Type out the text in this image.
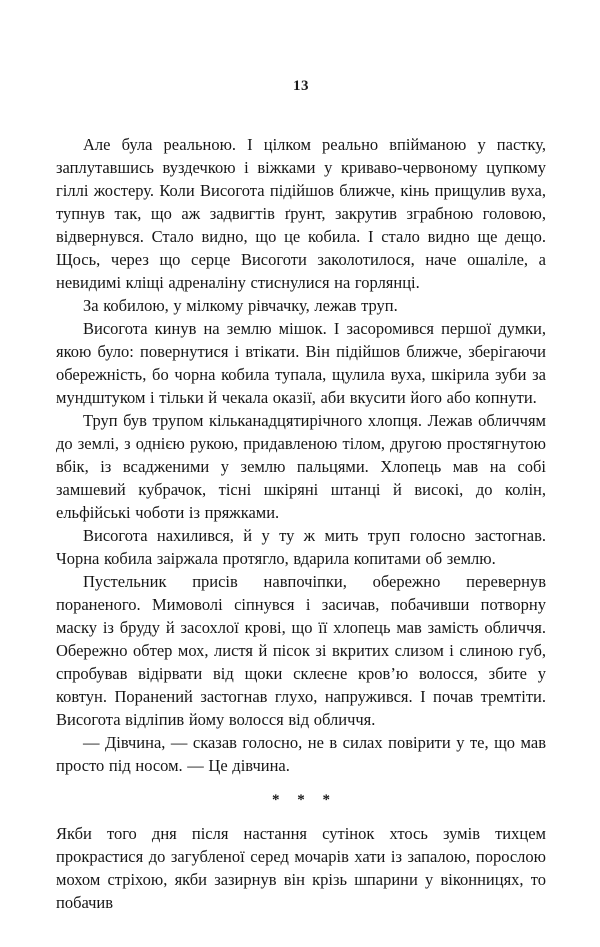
13

Але була реальною. І цілком реально впійманою у пастку, заплутавшись вуздечкою і віжками у криваво-червоному цупкому гіллі жостеру. Коли Висогота підійшов ближче, кінь прищулив вуха, тупнув так, що аж задвигтів ґрунт, закрутив зграбною головою, відвернувся. Стало видно, що це кобила. І стало видно ще дещо. Щось, через що серце Висоготи заколотилося, наче ошаліле, а невидимі кліщі адреналіну стиснулися на горлянці.

За кобилою, у мілкому рівчачку, лежав труп.

Висогота кинув на землю мішок. І засоромився першої думки, якою було: повернутися і втікати. Він підійшов ближче, зберігаючи обережність, бо чорна кобила тупала, щулила вуха, шкірила зуби за мундштуком і тільки й чекала оказії, аби вкусити його або копнути.

Труп був трупом кільканадцятирічного хлопця. Лежав обличчям до землі, з однією рукою, придавленою тілом, другою простягнутою вбік, із всадженими у землю пальцями. Хлопець мав на собі замшевий кубрачок, тісні шкіряні штанці й високі, до колін, ельфійські чоботи із пряжками.

Висогота нахилився, й у ту ж мить труп голосно застогнав. Чорна кобила заіржала протягло, вдарила копитами об землю.

Пустельник присів навпочіпки, обережно перевернув пораненого. Мимоволі сіпнувся і засичав, побачивши потворну маску із бруду й засохлої крові, що її хлопець мав замість обличчя. Обережно обтер мох, листя й пісок зі вкритих слизом і слиною губ, спробував відірвати від щоки склеєне кров’ю волосся, збите у ковтун. Поранений застогнав глухо, напружився. І почав тремтіти. Висогота відліпив йому волосся від обличчя.

— Дівчина, — сказав голосно, не в силах повірити у те, що мав просто під носом. — Це дівчина.

* * *

Якби того дня після настання сутінок хтось зумів тихцем прокрастися до загубленої серед мочарів хати із запалою, порослою мохом стріхою, якби зазирнув він крізь шпарини у віконницях, то побачив
